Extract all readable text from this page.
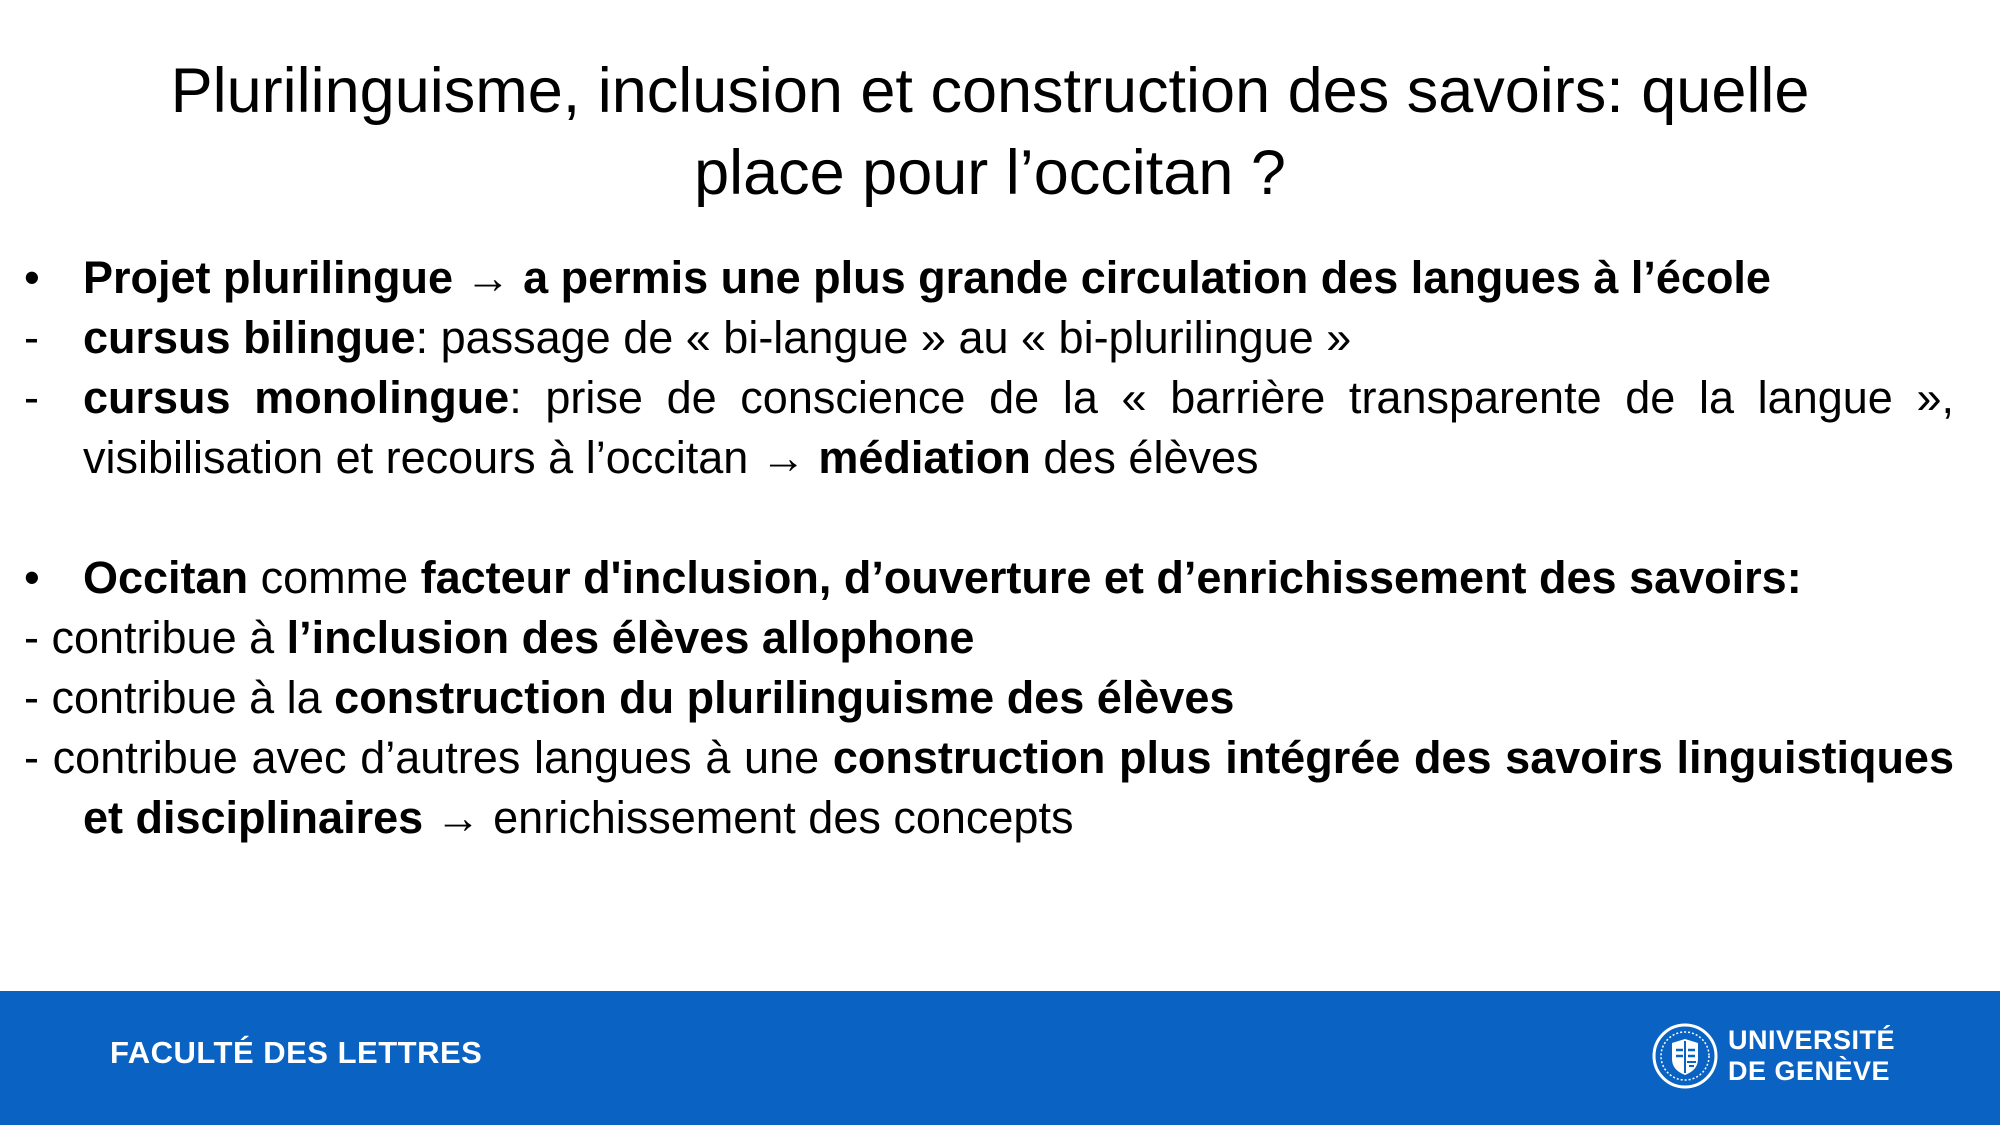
Plurilinguisme, inclusion et construction des savoirs: quelle
place pour l’occitan ?

• Projet plurilingue → a permis une plus grande circulation des langues à l’école

- cursus bilingue: passage de « bi-langue » au « bi-plurilingue »

- cursus monolingue: prise de conscience de la « barrière transparente de la langue », visibilisation et recours à l’occitan → médiation des élèves

• Occitan comme facteur d'inclusion, d’ouverture et d’enrichissement des savoirs:

- contribue à l’inclusion des élèves allophone

- contribue à la construction du plurilinguisme des élèves

- contribue avec d’autres langues à une construction plus intégrée des savoirs linguistiques et disciplinaires → enrichissement des concepts

FACULTÉ DES LETTRES	UNIVERSITÉ
DE GENÈVE
